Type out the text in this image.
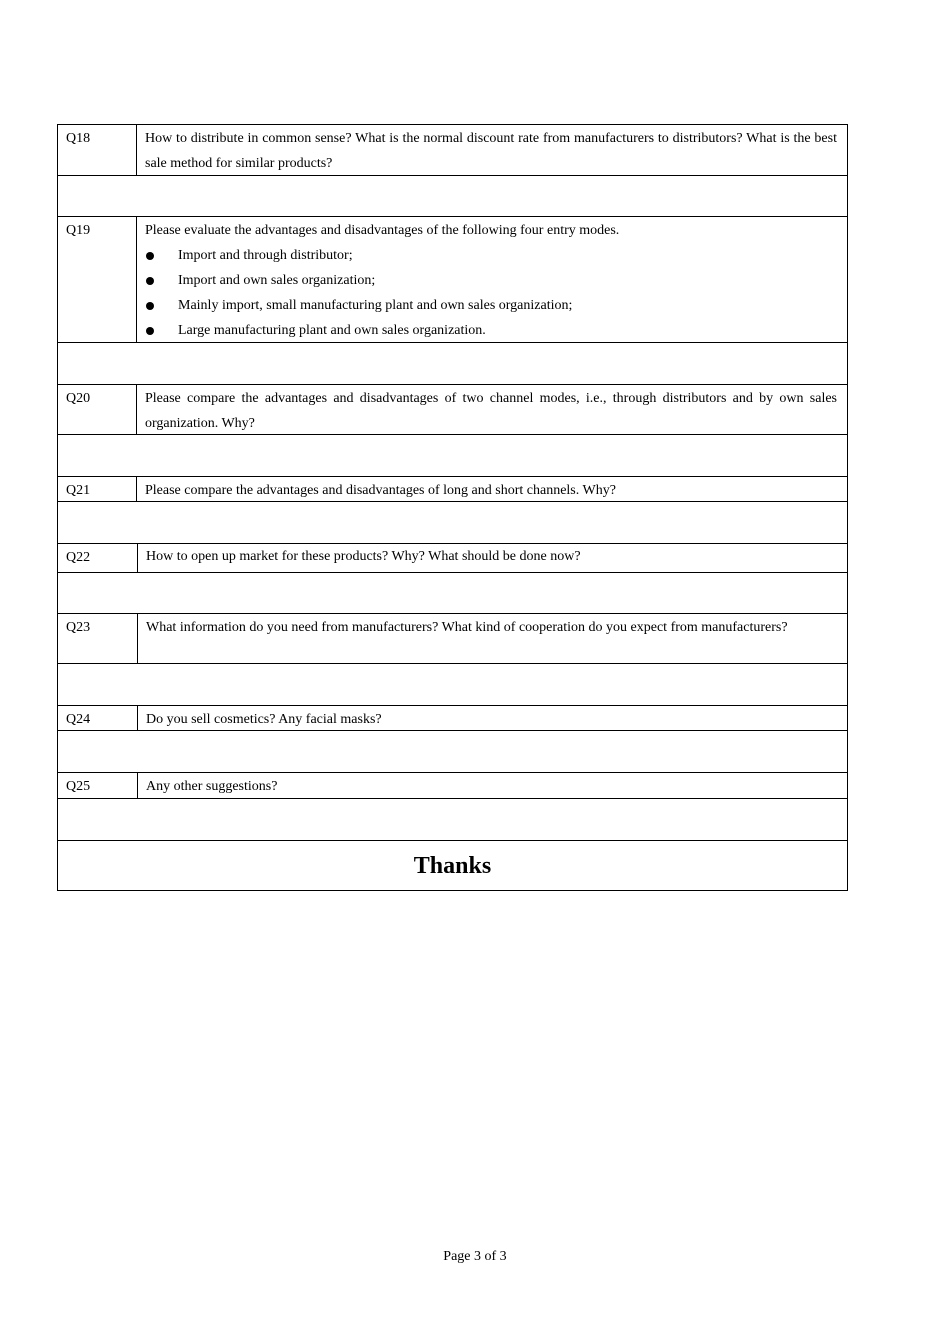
Q18	How to distribute in common sense? What is the normal discount rate from manufacturers to distributors? What is the best sale method for similar products?
Q19	Please evaluate the advantages and disadvantages of the following four entry modes.
Import and through distributor;
Import and own sales organization;
Mainly import, small manufacturing plant and own sales organization;
Large manufacturing plant and own sales organization.
Q20	Please compare the advantages and disadvantages of two channel modes, i.e., through distributors and by own sales organization. Why?
Q21	Please compare the advantages and disadvantages of long and short channels. Why?
Q22	How to open up market for these products? Why? What should be done now?
Q23	What information do you need from manufacturers? What kind of cooperation do you expect from manufacturers?
Q24	Do you sell cosmetics? Any facial masks?
Q25	Any other suggestions?
Thanks
Page 3 of 3
